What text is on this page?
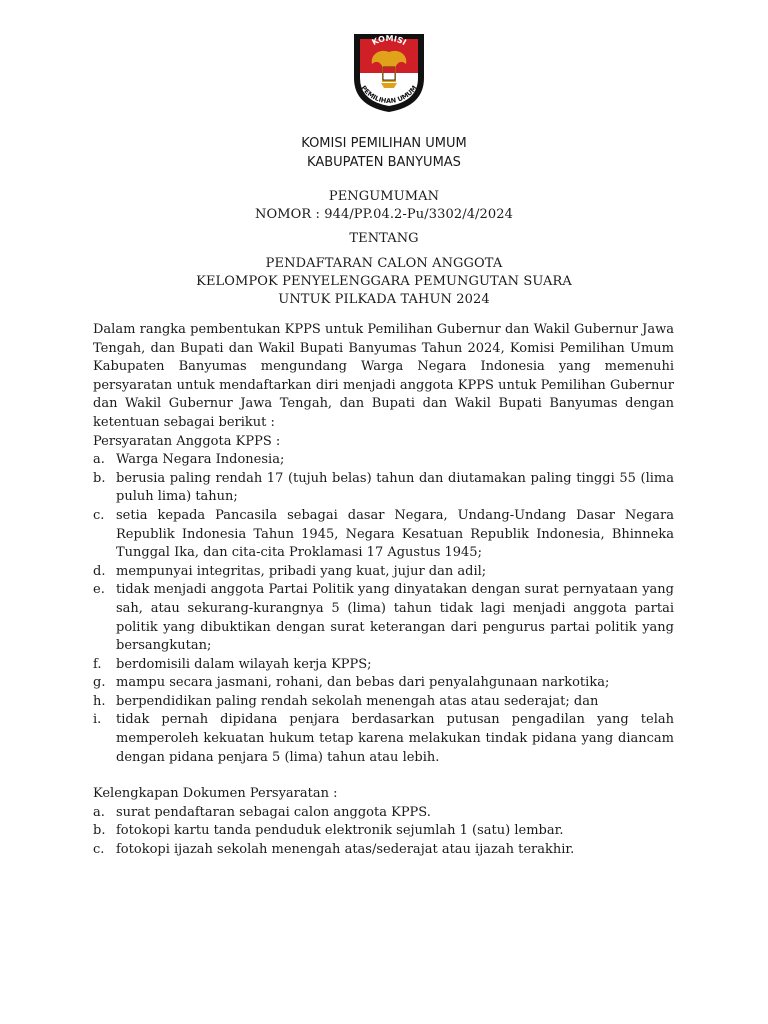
KOMISI
PEMILIHAN UMUM
KOMISI PEMILIHAN UMUM
KABUPATEN BANYUMAS
PENGUMUMAN
NOMOR : 944/PP.04.2-Pu/3302/4/2024
TENTANG
PENDAFTARAN CALON ANGGOTA
KELOMPOK PENYELENGGARA PEMUNGUTAN SUARA
UNTUK PILKADA TAHUN 2024
Dalam rangka pembentukan KPPS untuk Pemilihan Gubernur dan Wakil Gubernur Jawa Tengah, dan Bupati dan Wakil Bupati Banyumas Tahun 2024, Komisi Pemilihan Umum Kabupaten Banyumas mengundang Warga Negara Indonesia yang memenuhi persyaratan untuk mendaftarkan diri menjadi anggota KPPS untuk Pemilihan Gubernur dan Wakil Gubernur Jawa Tengah, dan Bupati dan Wakil Bupati Banyumas dengan ketentuan sebagai berikut :
Persyaratan Anggota KPPS :
a. Warga Negara Indonesia;
b. berusia paling rendah 17 (tujuh belas) tahun dan diutamakan paling tinggi 55 (lima puluh lima) tahun;
c. setia kepada Pancasila sebagai dasar Negara, Undang-Undang Dasar Negara Republik Indonesia Tahun 1945, Negara Kesatuan Republik Indonesia, Bhinneka Tunggal Ika, dan cita-cita Proklamasi 17 Agustus 1945;
d. mempunyai integritas, pribadi yang kuat, jujur dan adil;
e. tidak menjadi anggota Partai Politik yang dinyatakan dengan surat pernyataan yang sah, atau sekurang-kurangnya 5 (lima) tahun tidak lagi menjadi anggota partai politik yang dibuktikan dengan surat keterangan dari pengurus partai politik yang bersangkutan;
f. berdomisili dalam wilayah kerja KPPS;
g. mampu secara jasmani, rohani, dan bebas dari penyalahgunaan narkotika;
h. berpendidikan paling rendah sekolah menengah atas atau sederajat; dan
i. tidak pernah dipidana penjara berdasarkan putusan pengadilan yang telah memperoleh kekuatan hukum tetap karena melakukan tindak pidana yang diancam dengan pidana penjara 5 (lima) tahun atau lebih.
Kelengkapan Dokumen Persyaratan :
a. surat pendaftaran sebagai calon anggota KPPS.
b. fotokopi kartu tanda penduduk elektronik sejumlah 1 (satu) lembar.
c. fotokopi ijazah sekolah menengah atas/sederajat atau ijazah terakhir.
